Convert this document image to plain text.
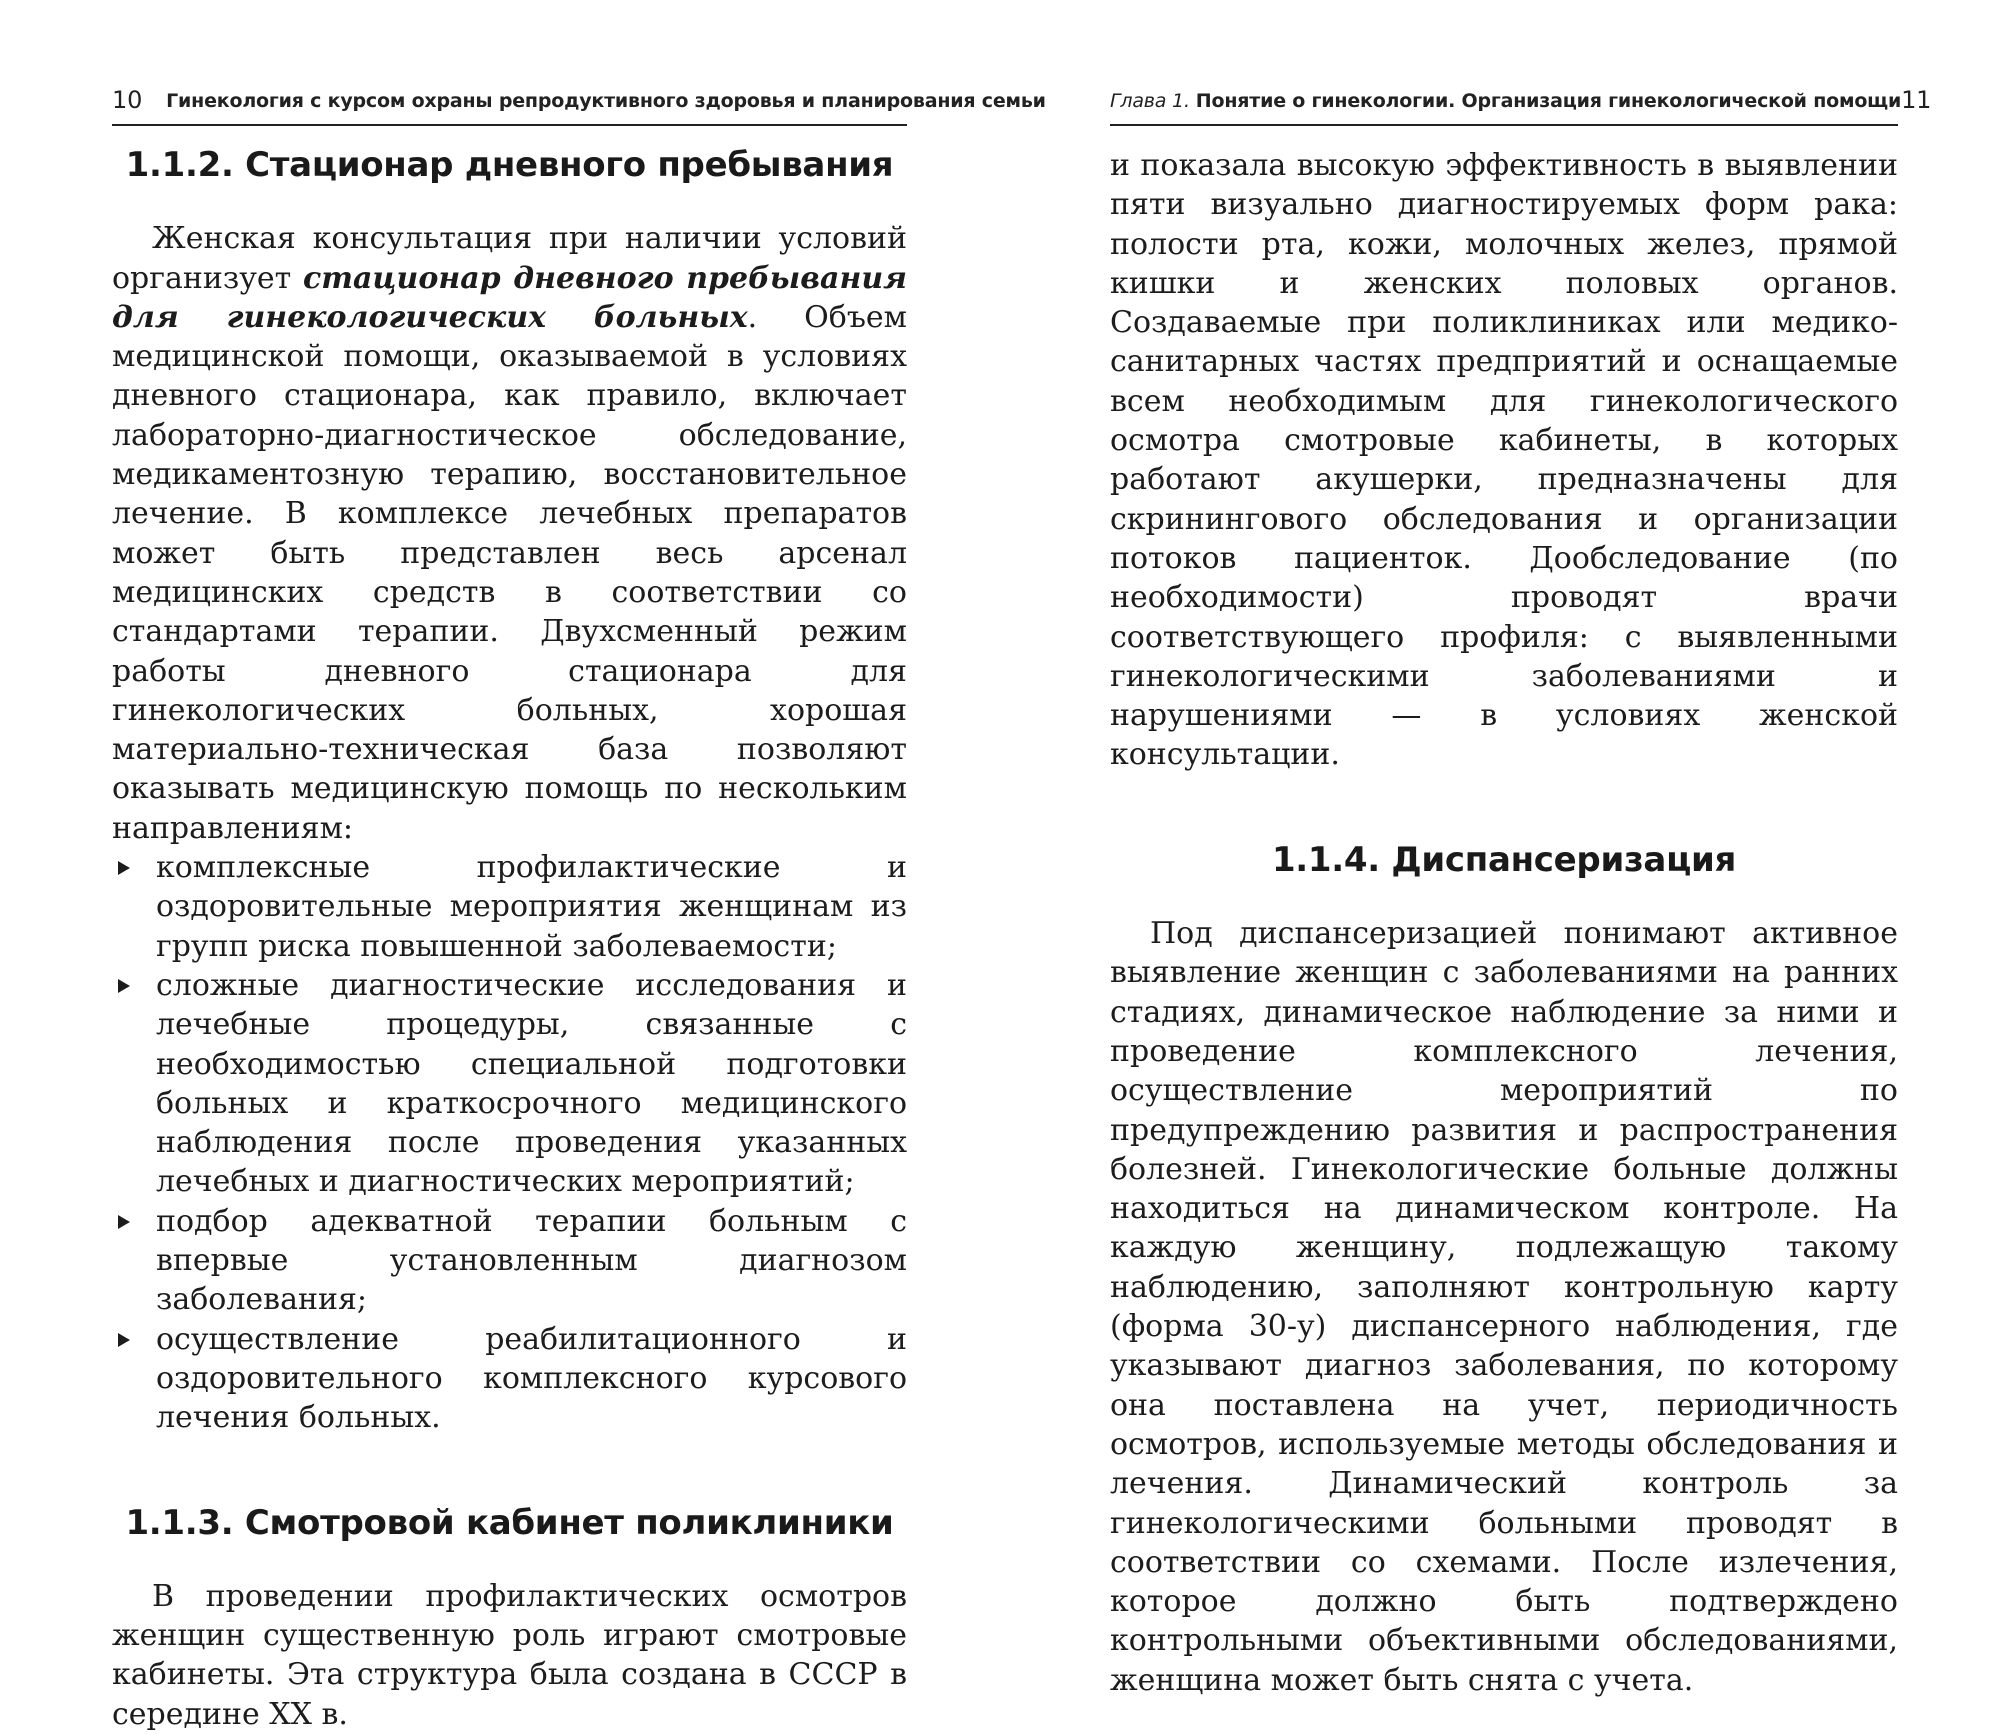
10 Гинекология с курсом охраны репродуктивного здоровья и планирования семьи
1.1.2. Стационар дневного пребывания

Женская консультация при наличии условий организует стационар дневного пребывания для гинекологических больных. Объем медицинской помощи, оказываемой в условиях дневного стационара, как правило, включает лабораторно-диагностическое обследование, медикаментозную терапию, восстановительное лечение. В комплексе лечебных препаратов может быть представлен весь арсенал медицинских средств в соответствии со стандартами терапии. Двухсменный режим работы дневного стационара для гинекологических больных, хорошая материально-техническая база позволяют оказывать медицинскую помощь по нескольким направлениям:

комплексные профилактические и оздоровительные мероприятия женщинам из групп риска повышенной заболеваемости;
сложные диагностические исследования и лечебные процедуры, связанные с необходимостью специальной подготовки больных и краткосрочного медицинского наблюдения после проведения указанных лечебных и диагностических мероприятий;
подбор адекватной терапии больным с впервые установленным диагнозом заболевания;
осуществление реабилитационного и оздоровительного комплексного курсового лечения больных.
1.1.3. Смотровой кабинет поликлиники

В проведении профилактических осмотров женщин существенную роль играют смотровые кабинеты. Эта структура была создана в СССР в середине XX в.

Глава 1. Понятие о гинекологии. Организация гинекологической помощи 11

и показала высокую эффективность в выявлении пяти визуально диагностируемых форм рака: полости рта, кожи, молочных желез, прямой кишки и женских половых органов. Создаваемые при поликлиниках или медико-санитарных частях предприятий и оснащаемые всем необходимым для гинекологического осмотра смотровые кабинеты, в которых работают акушерки, предназначены для скринингового обследования и организации потоков пациенток. Дообследование (по необходимости) проводят врачи соответствующего профиля: с выявленными гинекологическими заболеваниями и нарушениями — в условиях женской консультации.

1.1.4. Диспансеризация

Под диспансеризацией понимают активное выявление женщин с заболеваниями на ранних стадиях, динамическое наблюдение за ними и проведение комплексного лечения, осуществление мероприятий по предупреждению развития и распространения болезней. Гинекологические больные должны находиться на динамическом контроле. На каждую женщину, подлежащую такому наблюдению, заполняют контрольную карту (форма 30-у) диспансерного наблюдения, где указывают диагноз заболевания, по которому она поставлена на учет, периодичность осмотров, используемые методы обследования и лечения. Динамический контроль за гинекологическими больными проводят в соответствии со схемами. После излечения, которое должно быть подтверждено контрольными объективными обследованиями, женщина может быть снята с учета.
